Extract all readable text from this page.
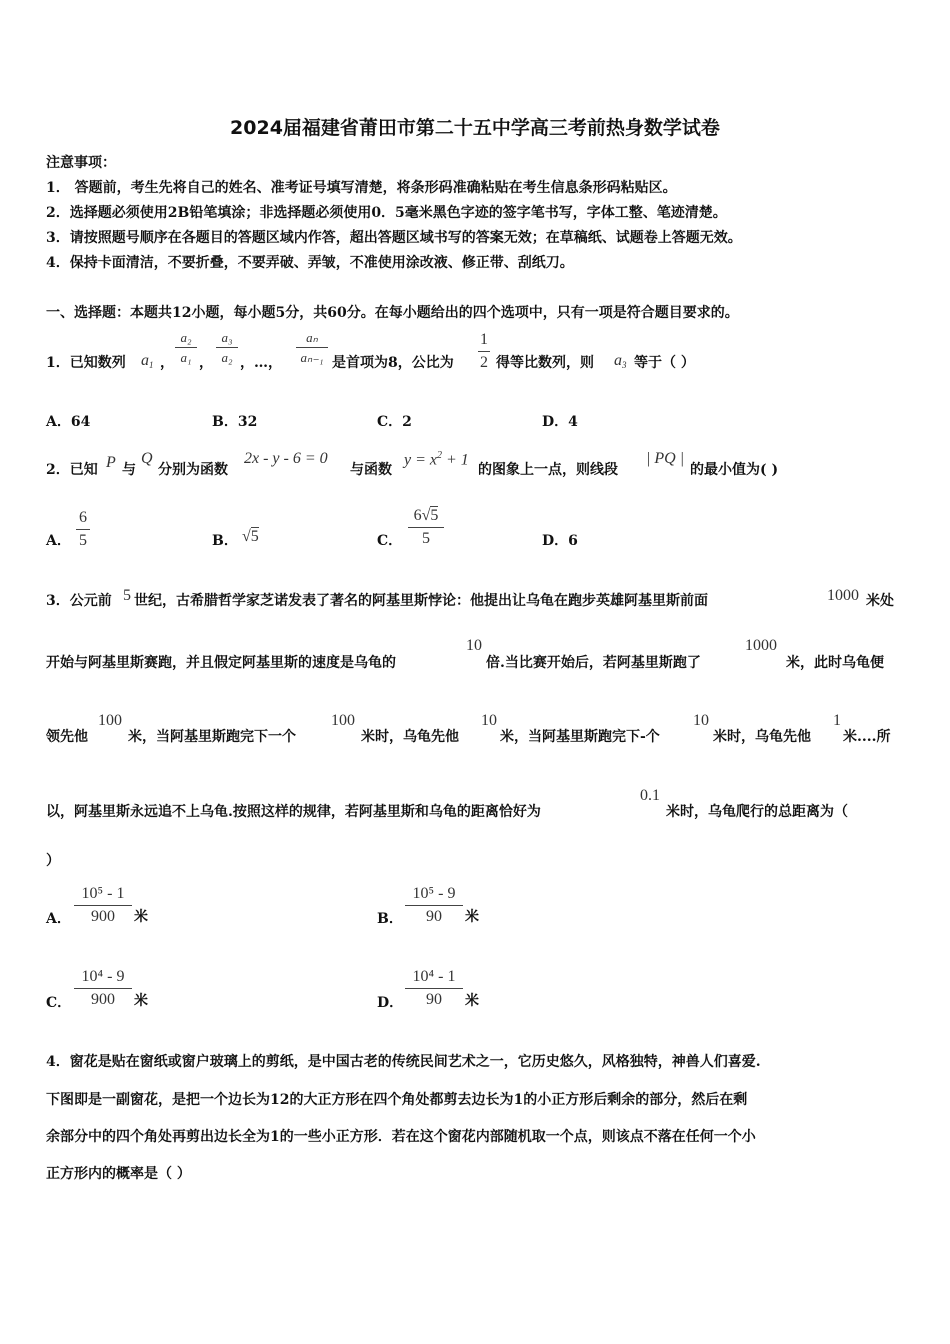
2024届福建省莆田市第二十五中学高三考前热身数学试卷
注意事项：
1． 答题前，考生先将自己的姓名、准考证号填写清楚，将条形码准确粘贴在考生信息条形码粘贴区。
2．选择题必须使用2B铅笔填涂；非选择题必须使用0．5毫米黑色字迹的签字笔书写，字体工整、笔迹清楚。
3．请按照题号顺序在各题目的答题区域内作答，超出答题区域书写的答案无效；在草稿纸、试题卷上答题无效。
4．保持卡面清洁，不要折叠，不要弄破、弄皱，不准使用涂改液、修正带、刮纸刀。
一、选择题：本题共12小题，每小题5分，共60分。在每小题给出的四个选项中，只有一项是符合题目要求的。
1．已知数列 $a_1$ ，
a₂
a₁ ，
a₃
a₂ ，…，
aₙ
aₙ₋₁ 是首项为8，公比为
1
2 得等比数列，则 $a_3$ 等于（ ）
A．64	B．32	C．2	D．4
2．已知 P 与
Q
分别为函数
2x - y - 6 = 0
与函数
$y = x^2 + 1$
的图象上一点，则线段
| PQ |
的最小值为( )
A．
6
5	B． √5	C．
6√5
5	D．6
3．公元前 5 世纪，古希腊哲学家芝诺发表了著名的阿基里斯悖论：他提出让乌龟在跑步英雄阿基里斯前面	1000 米处
开始与阿基里斯赛跑，并且假定阿基里斯的速度是乌龟的
10
倍.当比赛开始后，若阿基里斯跑了
1000
米，此时乌龟便
领先他
100
米，当阿基里斯跑完下一个
100
米时，乌龟先他
10
米，当阿基里斯跑完下-个
10
米时，乌龟先他
1
米....所
以，阿基里斯永远追不上乌龟.按照这样的规律，若阿基里斯和乌龟的距离恰好为
0.1
米时，乌龟爬行的总距离为（
）
A．
10⁵ - 1
900	米	B．
10⁵ - 9
90	米
C．
10⁴ - 9
900	米	D．
10⁴ - 1
90	米
4．窗花是贴在窗纸或窗户玻璃上的剪纸，是中国古老的传统民间艺术之一，它历史悠久，风格独特，神兽人们喜爱.
下图即是一副窗花，是把一个边长为12的大正方形在四个角处都剪去边长为1的小正方形后剩余的部分，然后在剩
余部分中的四个角处再剪出边长全为1的一些小正方形．若在这个窗花内部随机取一个点，则该点不落在任何一个小
正方形内的概率是（ ）
